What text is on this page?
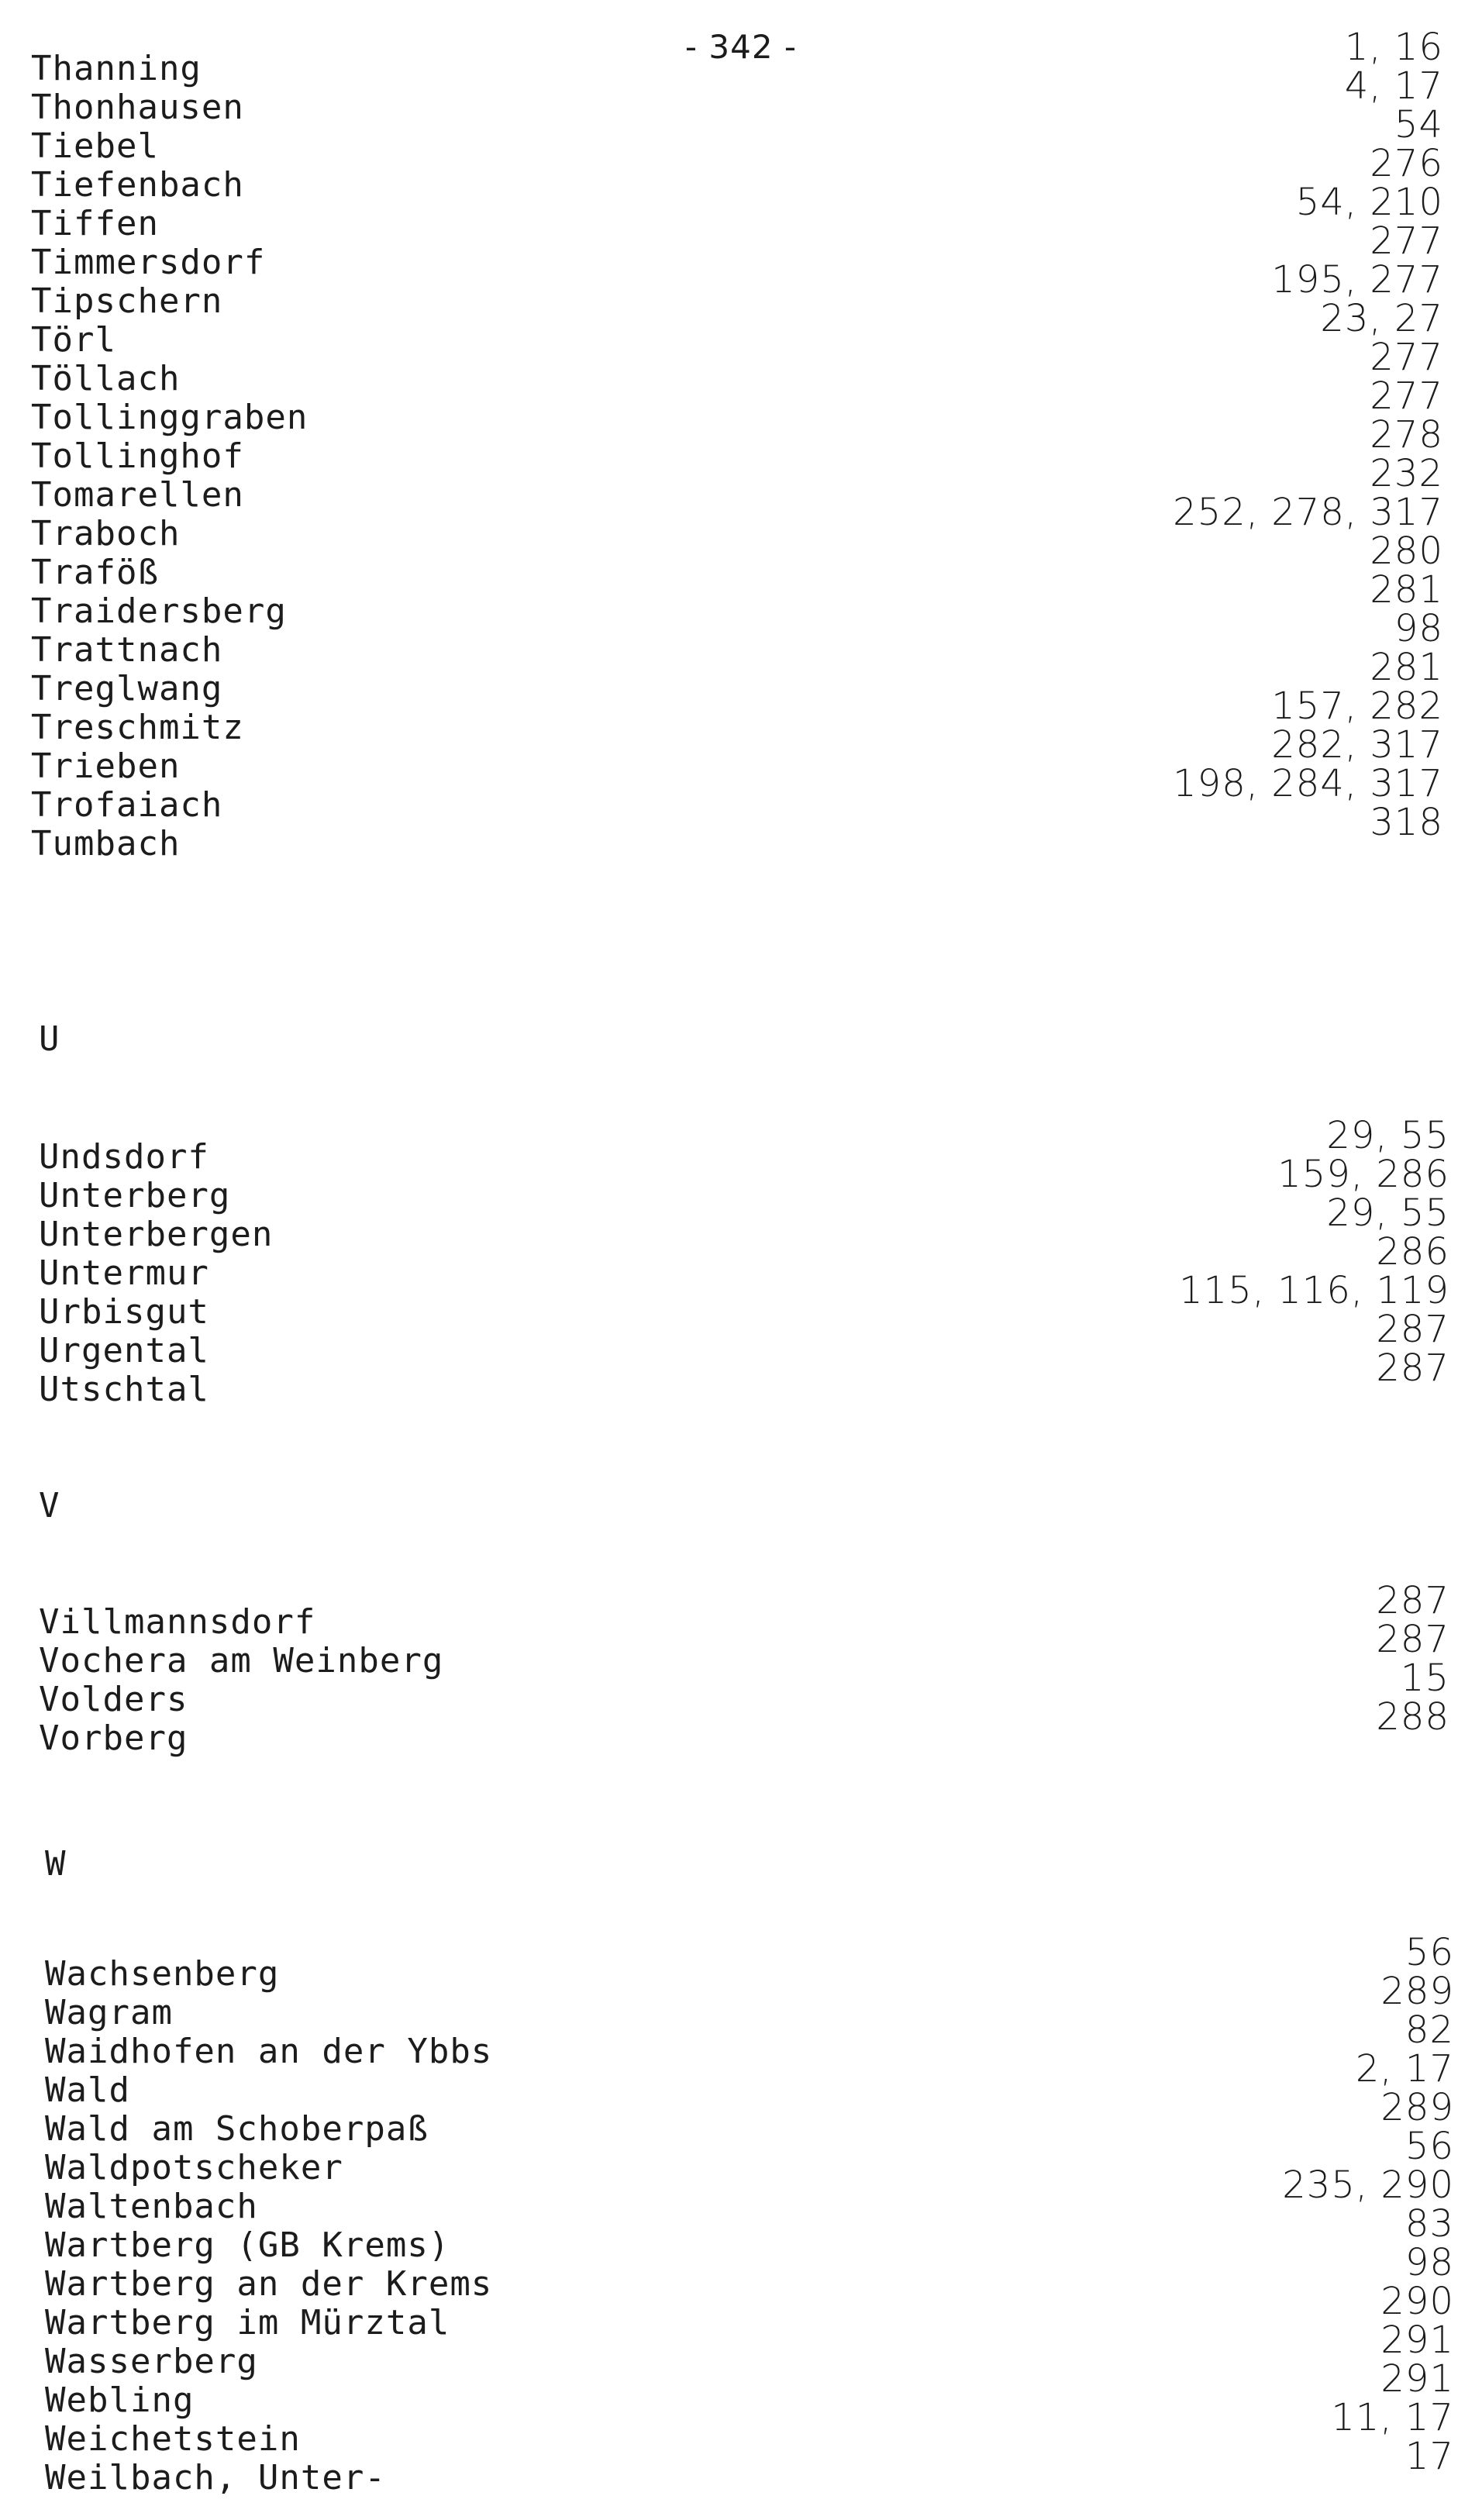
- 342 -
Thanning	1, 16
Thonhausen	4, 17
Tiebel	54
Tiefenbach	276
Tiffen	54, 210
Timmersdorf	277
Tipschern	195, 277
Törl	23, 27
Töllach	277
Tollinggraben	277
Tollinghof	278
Tomarellen	232
Traboch	252, 278, 317
Traföß	280
Traidersberg	281
Trattnach	98
Treglwang	281
Treschmitz	157, 282
Trieben	282, 317
Trofaiach	198, 284, 317
Tumbach	318
U
Undsdorf	29, 55
Unterberg	159, 286
Unterbergen	29, 55
Untermur	286
Urbisgut	115, 116, 119
Urgental	287
Utschtal	287
V
Villmannsdorf	287
Vochera am Weinberg	287
Volders	15
Vorberg	288
W
Wachsenberg	56
Wagram	289
Waidhofen an der Ybbs	82
Wald	2, 17
Wald am Schoberpaß	289
Waldpotscheker	56
Waltenbach	235, 290
Wartberg (GB Krems)	83
Wartberg an der Krems	98
Wartberg im Mürztal	290
Wasserberg	291
Webling	291
Weichetstein	11, 17
Weilbach, Unter-	17
